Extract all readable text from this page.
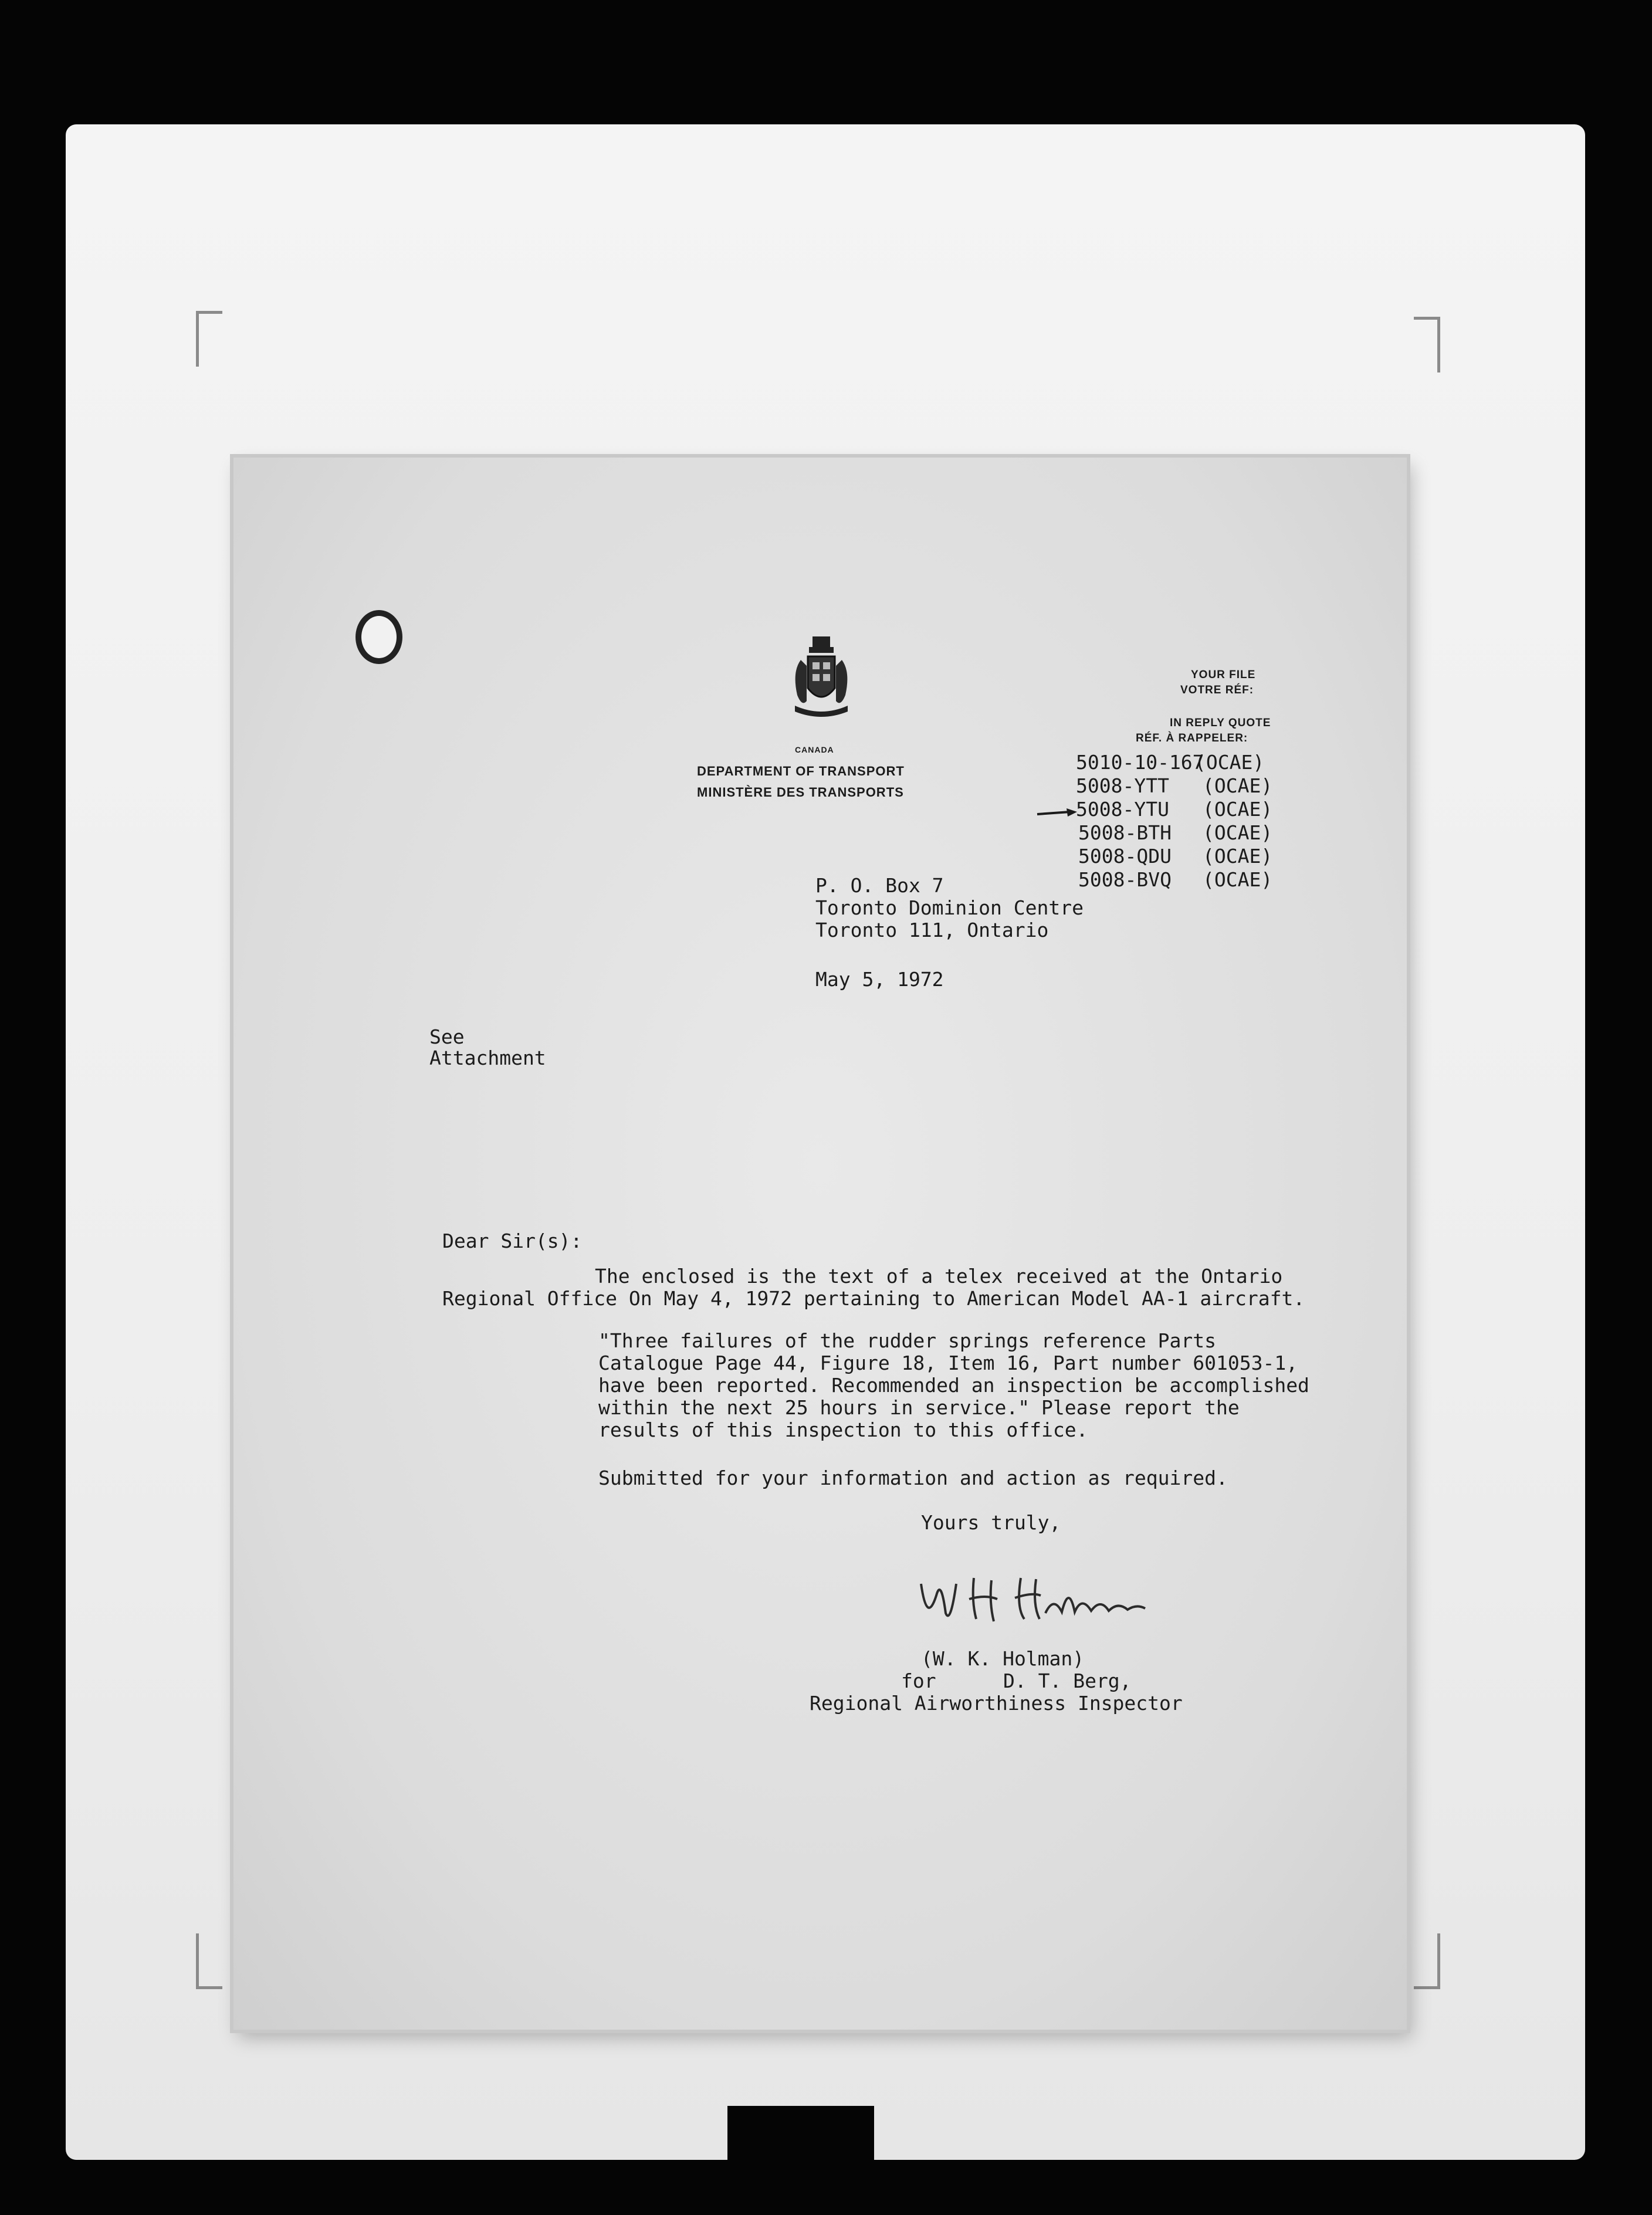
CANADA
DEPARTMENT OF TRANSPORT
MINISTÈRE DES TRANSPORTS
YOUR FILE
VOTRE RÉF:
IN REPLY QUOTE
RÉF. À RAPPELER:
5010-10-167
(OCAE)
5008-YTT (OCAE)
5008-YTU (OCAE)
5008-BTH (OCAE)
5008-QDU (OCAE)
5008-BVQ (OCAE)
P. O. Box 7
Toronto Dominion Centre
Toronto 111, Ontario
May 5, 1972
See
Attachment
Dear Sir(s):
The enclosed is the text of a telex received at the Ontario
Regional Office On May 4, 1972 pertaining to American Model AA-1 aircraft.
"Three failures of the rudder springs reference Parts
Catalogue Page 44, Figure 18, Item 16, Part number 601053-1,
have been reported. Recommended an inspection be accomplished
within the next 25 hours in service." Please report the
results of this inspection to this office.
Submitted for your information and action as required.
Yours truly,
(W. K. Holman)
for	D. T. Berg,
Regional Airworthiness Inspector
